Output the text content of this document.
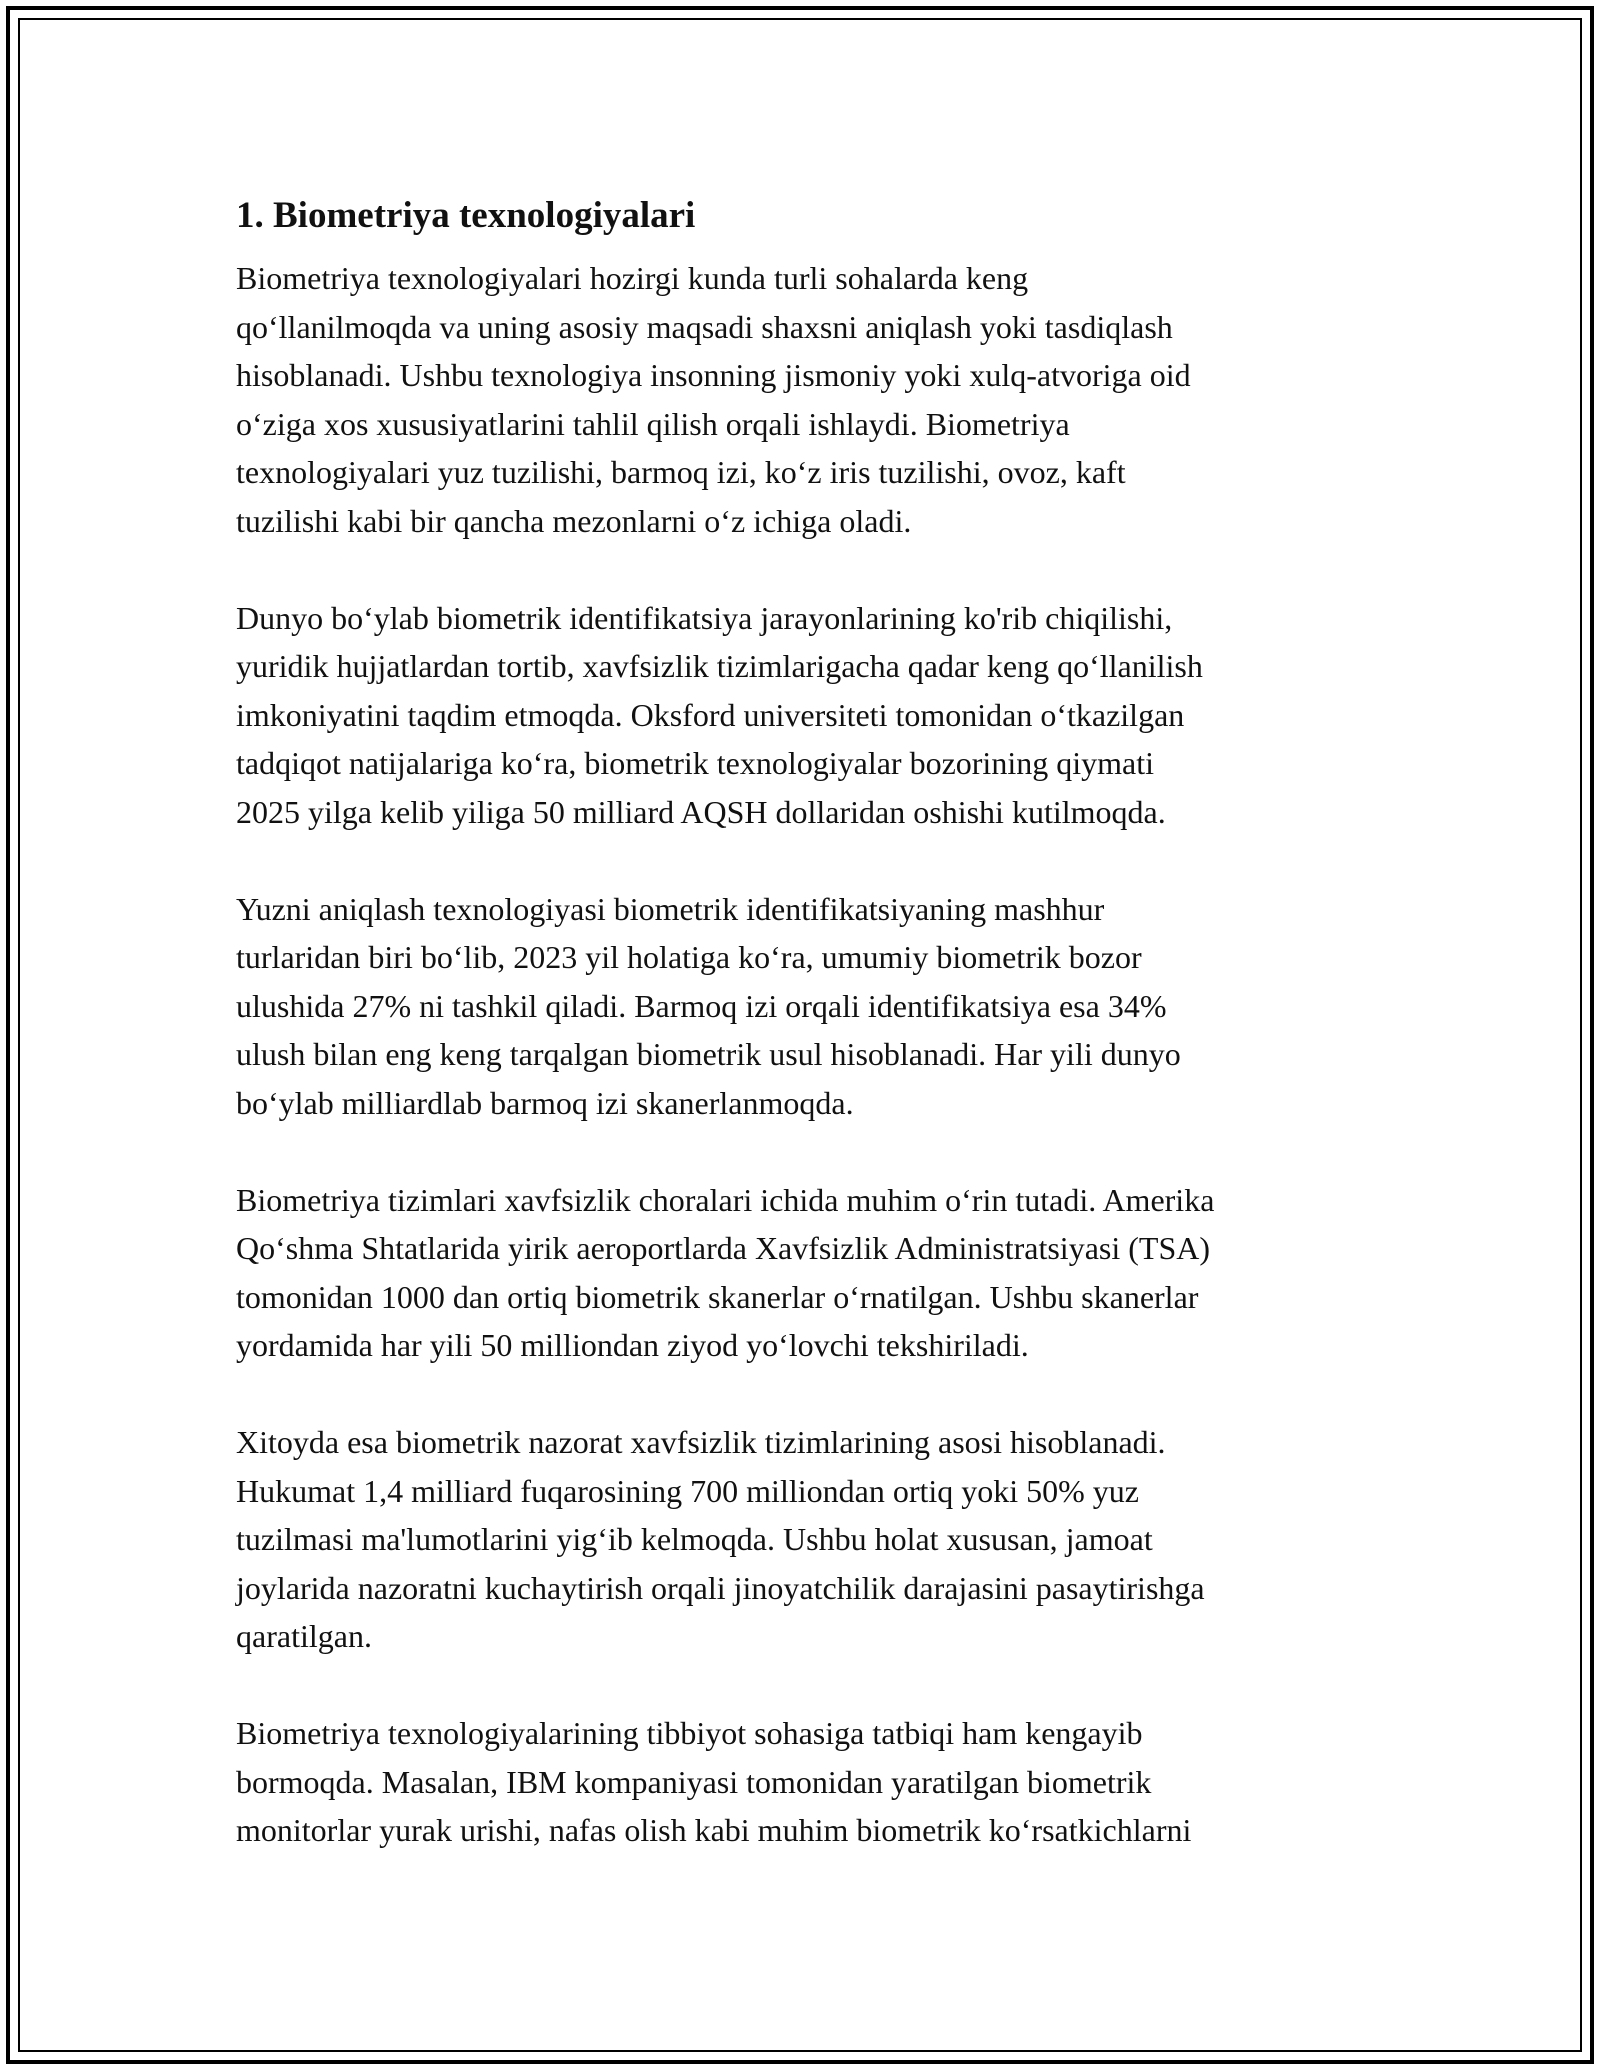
1. Biometriya texnologiyalari

Biometriya texnologiyalari hozirgi kunda turli sohalarda keng
qo‘llanilmoqda va uning asosiy maqsadi shaxsni aniqlash yoki tasdiqlash
hisoblanadi. Ushbu texnologiya insonning jismoniy yoki xulq-atvoriga oid
o‘ziga xos xususiyatlarini tahlil qilish orqali ishlaydi. Biometriya
texnologiyalari yuz tuzilishi, barmoq izi, ko‘z iris tuzilishi, ovoz, kaft
tuzilishi kabi bir qancha mezonlarni o‘z ichiga oladi.

Dunyo bo‘ylab biometrik identifikatsiya jarayonlarining ko'rib chiqilishi,
yuridik hujjatlardan tortib, xavfsizlik tizimlarigacha qadar keng qo‘llanilish
imkoniyatini taqdim etmoqda. Oksford universiteti tomonidan o‘tkazilgan
tadqiqot natijalariga ko‘ra, biometrik texnologiyalar bozorining qiymati
2025 yilga kelib yiliga 50 milliard AQSH dollaridan oshishi kutilmoqda.

Yuzni aniqlash texnologiyasi biometrik identifikatsiyaning mashhur
turlaridan biri bo‘lib, 2023 yil holatiga ko‘ra, umumiy biometrik bozor
ulushida 27% ni tashkil qiladi. Barmoq izi orqali identifikatsiya esa 34%
ulush bilan eng keng tarqalgan biometrik usul hisoblanadi. Har yili dunyo
bo‘ylab milliardlab barmoq izi skanerlanmoqda.

Biometriya tizimlari xavfsizlik choralari ichida muhim o‘rin tutadi. Amerika
Qo‘shma Shtatlarida yirik aeroportlarda Xavfsizlik Administratsiyasi (TSA)
tomonidan 1000 dan ortiq biometrik skanerlar o‘rnatilgan. Ushbu skanerlar
yordamida har yili 50 milliondan ziyod yo‘lovchi tekshiriladi.

Xitoyda esa biometrik nazorat xavfsizlik tizimlarining asosi hisoblanadi.
Hukumat 1,4 milliard fuqarosining 700 milliondan ortiq yoki 50% yuz
tuzilmasi ma'lumotlarini yig‘ib kelmoqda. Ushbu holat xususan, jamoat
joylarida nazoratni kuchaytirish orqali jinoyatchilik darajasini pasaytirishga
qaratilgan.

Biometriya texnologiyalarining tibbiyot sohasiga tatbiqi ham kengayib
bormoqda. Masalan, IBM kompaniyasi tomonidan yaratilgan biometrik
monitorlar yurak urishi, nafas olish kabi muhim biometrik ko‘rsatkichlarni
